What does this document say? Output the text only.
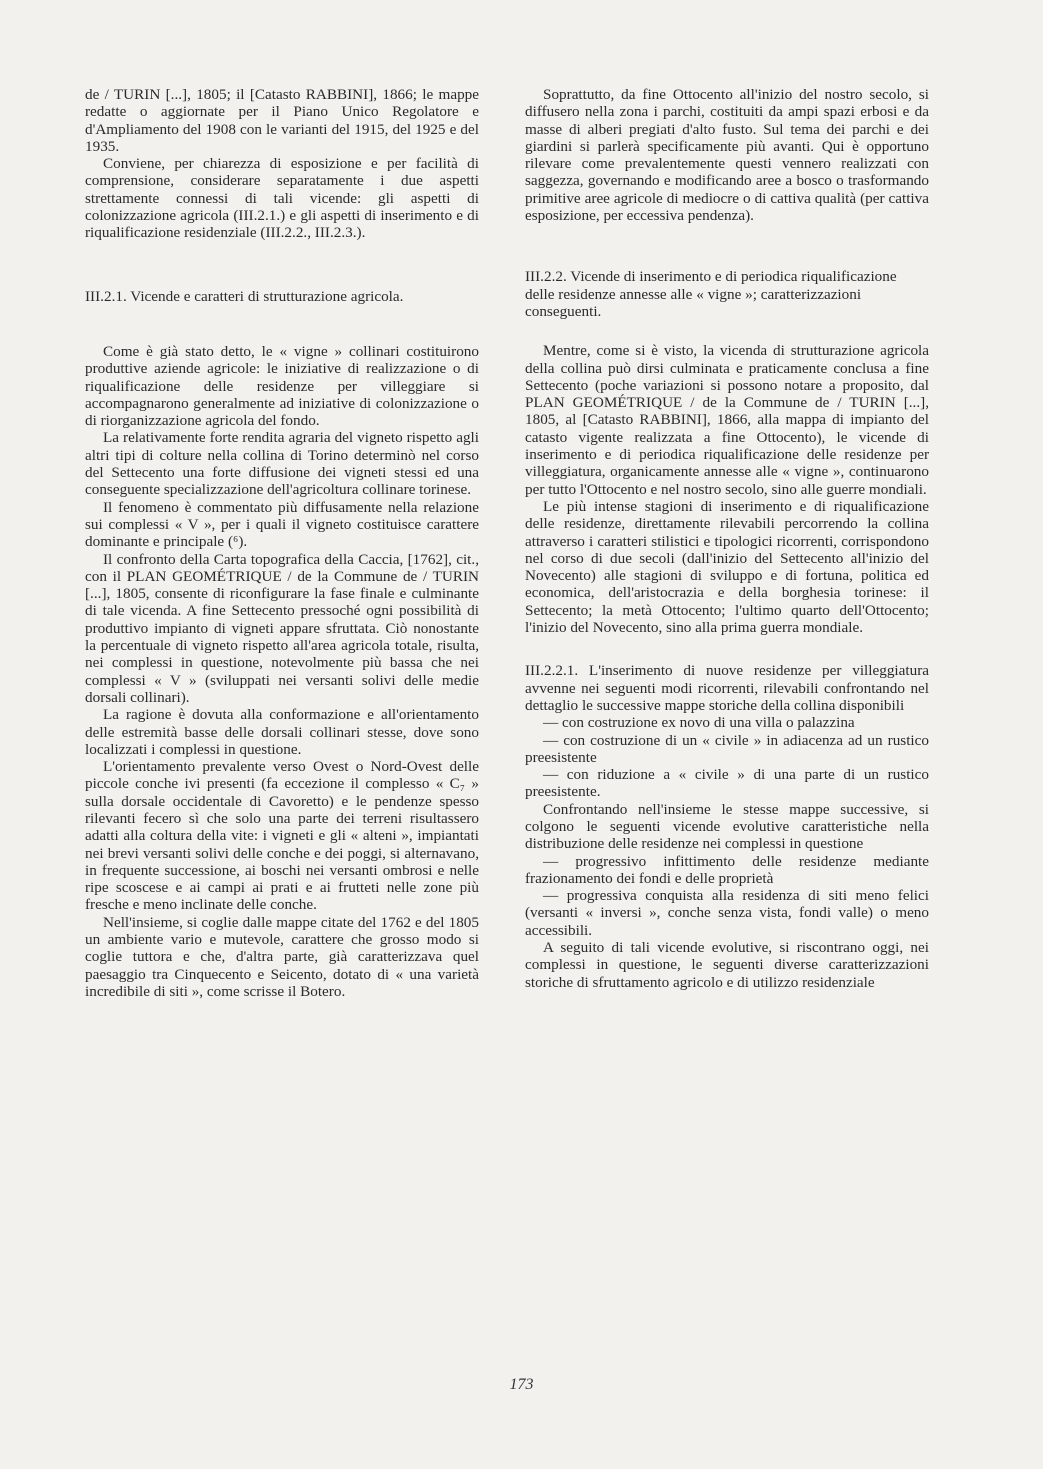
de / TURIN [...], 1805; il [Catasto RABBINI], 1866; le mappe redatte o aggiornate per il Piano Unico Regolatore e d'Ampliamento del 1908 con le varianti del 1915, del 1925 e del 1935.

Conviene, per chiarezza di esposizione e per facilità di comprensione, considerare separatamente i due aspetti strettamente connessi di tali vicende: gli aspetti di colonizzazione agricola (III.2.1.) e gli aspetti di inserimento e di riqualificazione residenziale (III.2.2., III.2.3.).

III.2.1. Vicende e caratteri di strutturazione agricola.

Come è già stato detto, le « vigne » collinari costituirono produttive aziende agricole: le iniziative di realizzazione o di riqualificazione delle residenze per villeggiare si accompagnarono generalmente ad iniziative di colonizzazione o di riorganizzazione agricola del fondo.

La relativamente forte rendita agraria del vigneto rispetto agli altri tipi di colture nella collina di Torino determinò nel corso del Settecento una forte diffusione dei vigneti stessi ed una conseguente specializzazione dell'agricoltura collinare torinese.

Il fenomeno è commentato più diffusamente nella relazione sui complessi « V », per i quali il vigneto costituisce carattere dominante e principale (⁶).

Il confronto della Carta topografica della Caccia, [1762], cit., con il PLAN GEOMÉTRIQUE / de la Commune de / TURIN [...], 1805, consente di riconfigurare la fase finale e culminante di tale vicenda. A fine Settecento pressoché ogni possibilità di produttivo impianto di vigneti appare sfruttata. Ciò nonostante la percentuale di vigneto rispetto all'area agricola totale, risulta, nei complessi in questione, notevolmente più bassa che nei complessi « V » (sviluppati nei versanti solivi delle medie dorsali collinari).

La ragione è dovuta alla conformazione e all'orientamento delle estremità basse delle dorsali collinari stesse, dove sono localizzati i complessi in questione.

L'orientamento prevalente verso Ovest o Nord-Ovest delle piccole conche ivi presenti (fa eccezione il complesso « C₇ » sulla dorsale occidentale di Cavoretto) e le pendenze spesso rilevanti fecero sì che solo una parte dei terreni risultassero adatti alla coltura della vite: i vigneti e gli « alteni », impiantati nei brevi versanti solivi delle conche e dei poggi, si alternavano, in frequente successione, ai boschi nei versanti ombrosi e nelle ripe scoscese e ai campi ai prati e ai frutteti nelle zone più fresche e meno inclinate delle conche.

Nell'insieme, si coglie dalle mappe citate del 1762 e del 1805 un ambiente vario e mutevole, carattere che grosso modo si coglie tuttora e che, d'altra parte, già caratterizzava quel paesaggio tra Cinquecento e Seicento, dotato di « una varietà incredibile di siti », come scrisse il Botero.

Soprattutto, da fine Ottocento all'inizio del nostro secolo, si diffusero nella zona i parchi, costituiti da ampi spazi erbosi e da masse di alberi pregiati d'alto fusto. Sul tema dei parchi e dei giardini si parlerà specificamente più avanti. Qui è opportuno rilevare come prevalentemente questi vennero realizzati con saggezza, governando e modificando aree a bosco o trasformando primitive aree agricole di mediocre o di cattiva qualità (per cattiva esposizione, per eccessiva pendenza).

III.2.2. Vicende di inserimento e di periodica riqualificazione delle residenze annesse alle « vigne »; caratterizzazioni conseguenti.

Mentre, come si è visto, la vicenda di strutturazione agricola della collina può dirsi culminata e praticamente conclusa a fine Settecento (poche variazioni si possono notare a proposito, dal PLAN GEOMÉTRIQUE / de la Commune de / TURIN [...], 1805, al [Catasto RABBINI], 1866, alla mappa di impianto del catasto vigente realizzata a fine Ottocento), le vicende di inserimento e di periodica riqualificazione delle residenze per villeggiatura, organicamente annesse alle « vigne », continuarono per tutto l'Ottocento e nel nostro secolo, sino alle guerre mondiali.

Le più intense stagioni di inserimento e di riqualificazione delle residenze, direttamente rilevabili percorrendo la collina attraverso i caratteri stilistici e tipologici ricorrenti, corrispondono nel corso di due secoli (dall'inizio del Settecento all'inizio del Novecento) alle stagioni di sviluppo e di fortuna, politica ed economica, dell'aristocrazia e della borghesia torinese: il Settecento; la metà Ottocento; l'ultimo quarto dell'Ottocento; l'inizio del Novecento, sino alla prima guerra mondiale.

III.2.2.1. L'inserimento di nuove residenze per villeggiatura avvenne nei seguenti modi ricorrenti, rilevabili confrontando nel dettaglio le successive mappe storiche della collina disponibili

— con costruzione ex novo di una villa o palazzina

— con costruzione di un « civile » in adiacenza ad un rustico preesistente

— con riduzione a « civile » di una parte di un rustico preesistente.

Confrontando nell'insieme le stesse mappe successive, si colgono le seguenti vicende evolutive caratteristiche nella distribuzione delle residenze nei complessi in questione

— progressivo infittimento delle residenze mediante frazionamento dei fondi e delle proprietà

— progressiva conquista alla residenza di siti meno felici (versanti « inversi », conche senza vista, fondi valle) o meno accessibili.

A seguito di tali vicende evolutive, si riscontrano oggi, nei complessi in questione, le seguenti diverse caratterizzazioni storiche di sfruttamento agricolo e di utilizzo residenziale

173
